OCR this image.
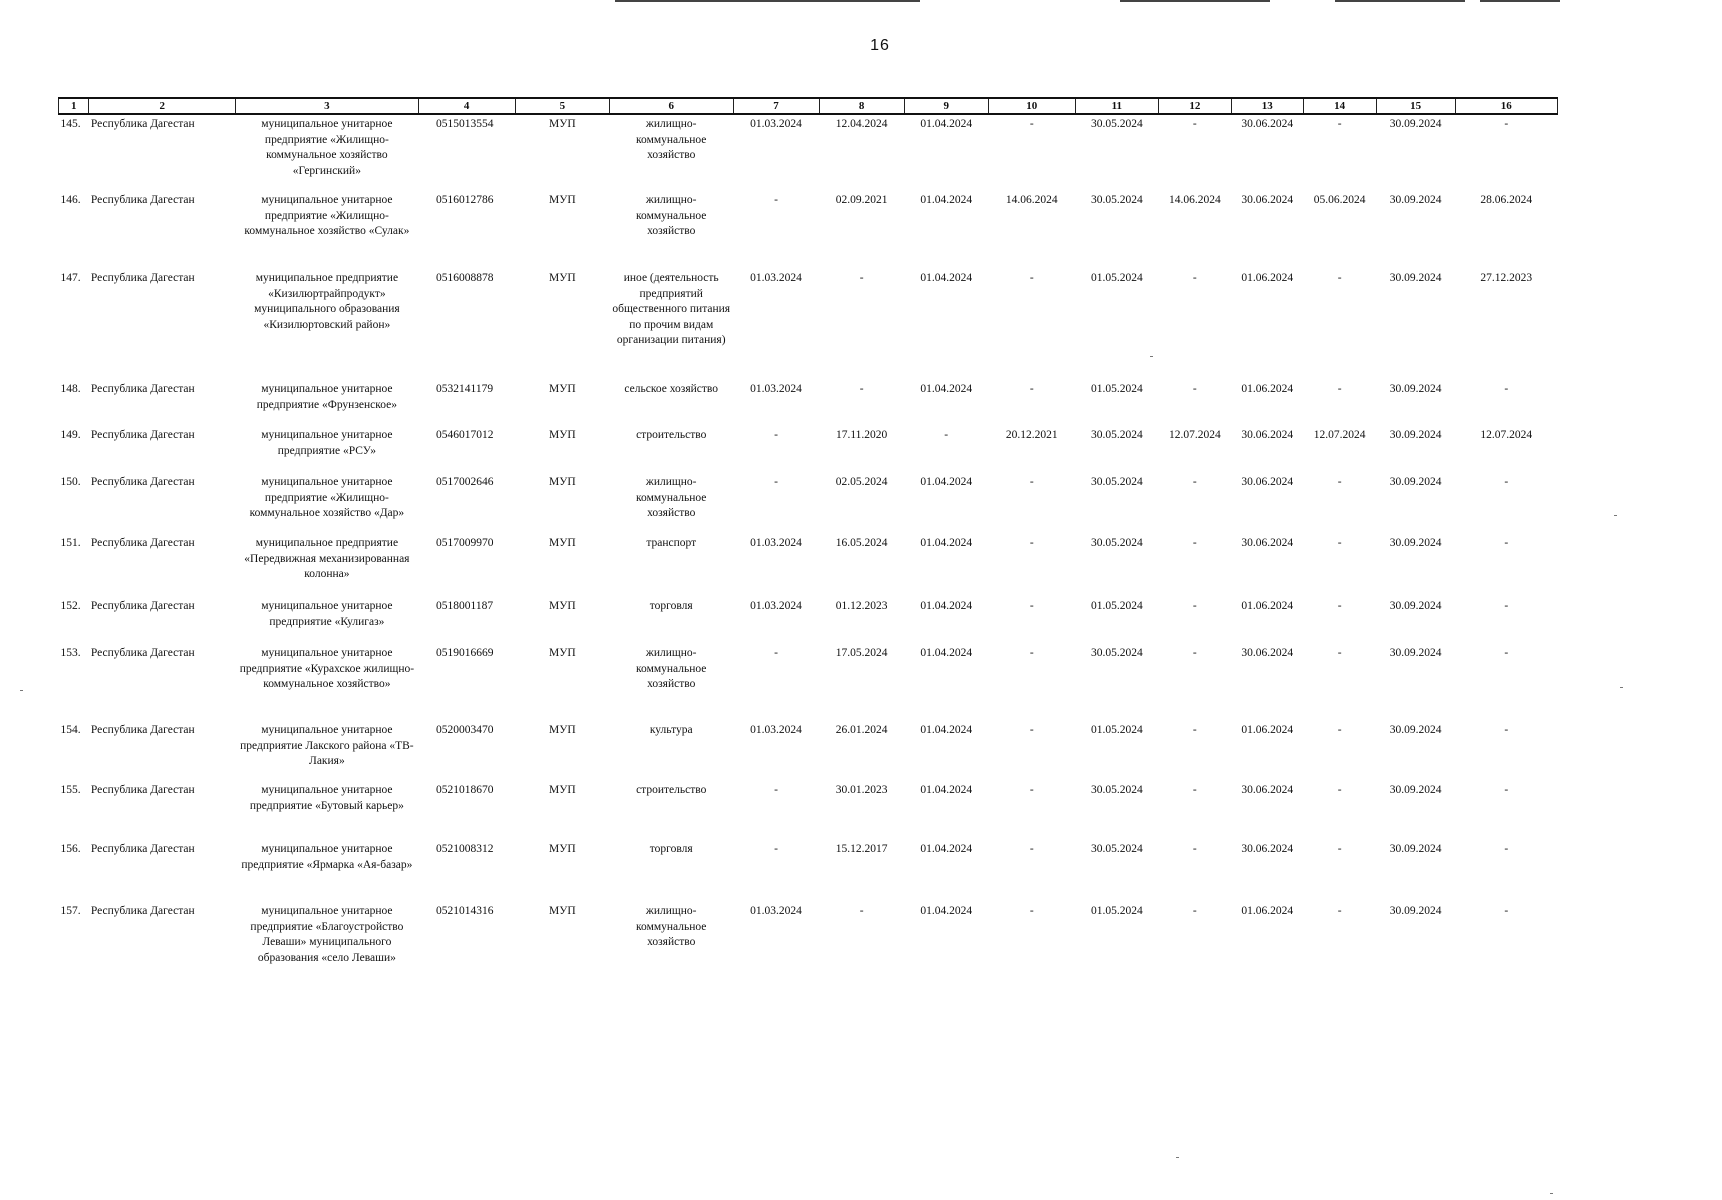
16
1	2	3	4	5	6	7	8	9	10	11	12	13	14	15	16
145.	Республика Дагестан	муниципальное унитарное предприятие «Жилищно-коммунальное хозяйство «Гергинский»	0515013554	МУП	жилищно-коммунальное хозяйство	01.03.2024	12.04.2024	01.04.2024	-	30.05.2024	-	30.06.2024	-	30.09.2024	-
146.	Республика Дагестан	муниципальное унитарное предприятие «Жилищно-коммунальное хозяйство «Сулак»	0516012786	МУП	жилищно-коммунальное хозяйство	-	02.09.2021	01.04.2024	14.06.2024	30.05.2024	14.06.2024	30.06.2024	05.06.2024	30.09.2024	28.06.2024
147.	Республика Дагестан	муниципальное предприятие «Кизилюртрайпродукт» муниципального образования «Кизилюртовский район»	0516008878	МУП	иное (деятельность предприятий общественного питания по прочим видам организации питания)	01.03.2024	-	01.04.2024	-	01.05.2024	-	01.06.2024	-	30.09.2024	27.12.2023
148.	Республика Дагестан	муниципальное унитарное предприятие «Фрунзенское»	0532141179	МУП	сельское хозяйство	01.03.2024	-	01.04.2024	-	01.05.2024	-	01.06.2024	-	30.09.2024	-
149.	Республика Дагестан	муниципальное унитарное предприятие «РСУ»	0546017012	МУП	строительство	-	17.11.2020	-	20.12.2021	30.05.2024	12.07.2024	30.06.2024	12.07.2024	30.09.2024	12.07.2024
150.	Республика Дагестан	муниципальное унитарное предприятие «Жилищно-коммунальное хозяйство «Дар»	0517002646	МУП	жилищно-коммунальное хозяйство	-	02.05.2024	01.04.2024	-	30.05.2024	-	30.06.2024	-	30.09.2024	-
151.	Республика Дагестан	муниципальное предприятие «Передвижная механизированная колонна»	0517009970	МУП	транспорт	01.03.2024	16.05.2024	01.04.2024	-	30.05.2024	-	30.06.2024	-	30.09.2024	-
152.	Республика Дагестан	муниципальное унитарное предприятие «Кулигаз»	0518001187	МУП	торговля	01.03.2024	01.12.2023	01.04.2024	-	01.05.2024	-	01.06.2024	-	30.09.2024	-
153.	Республика Дагестан	муниципальное унитарное предприятие «Курахское жилищно-коммунальное хозяйство»	0519016669	МУП	жилищно-коммунальное хозяйство	-	17.05.2024	01.04.2024	-	30.05.2024	-	30.06.2024	-	30.09.2024	-
154.	Республика Дагестан	муниципальное унитарное предприятие Лакского района «ТВ-Лакия»	0520003470	МУП	культура	01.03.2024	26.01.2024	01.04.2024	-	01.05.2024	-	01.06.2024	-	30.09.2024	-
155.	Республика Дагестан	муниципальное унитарное предприятие «Бутовый карьер»	0521018670	МУП	строительство	-	30.01.2023	01.04.2024	-	30.05.2024	-	30.06.2024	-	30.09.2024	-
156.	Республика Дагестан	муниципальное унитарное предприятие «Ярмарка «Ая-базар»	0521008312	МУП	торговля	-	15.12.2017	01.04.2024	-	30.05.2024	-	30.06.2024	-	30.09.2024	-
157.	Республика Дагестан	муниципальное унитарное предприятие «Благоустройство Леваши» муниципального образования «село Леваши»	0521014316	МУП	жилищно-коммунальное хозяйство	01.03.2024	-	01.04.2024	-	01.05.2024	-	01.06.2024	-	30.09.2024	-
